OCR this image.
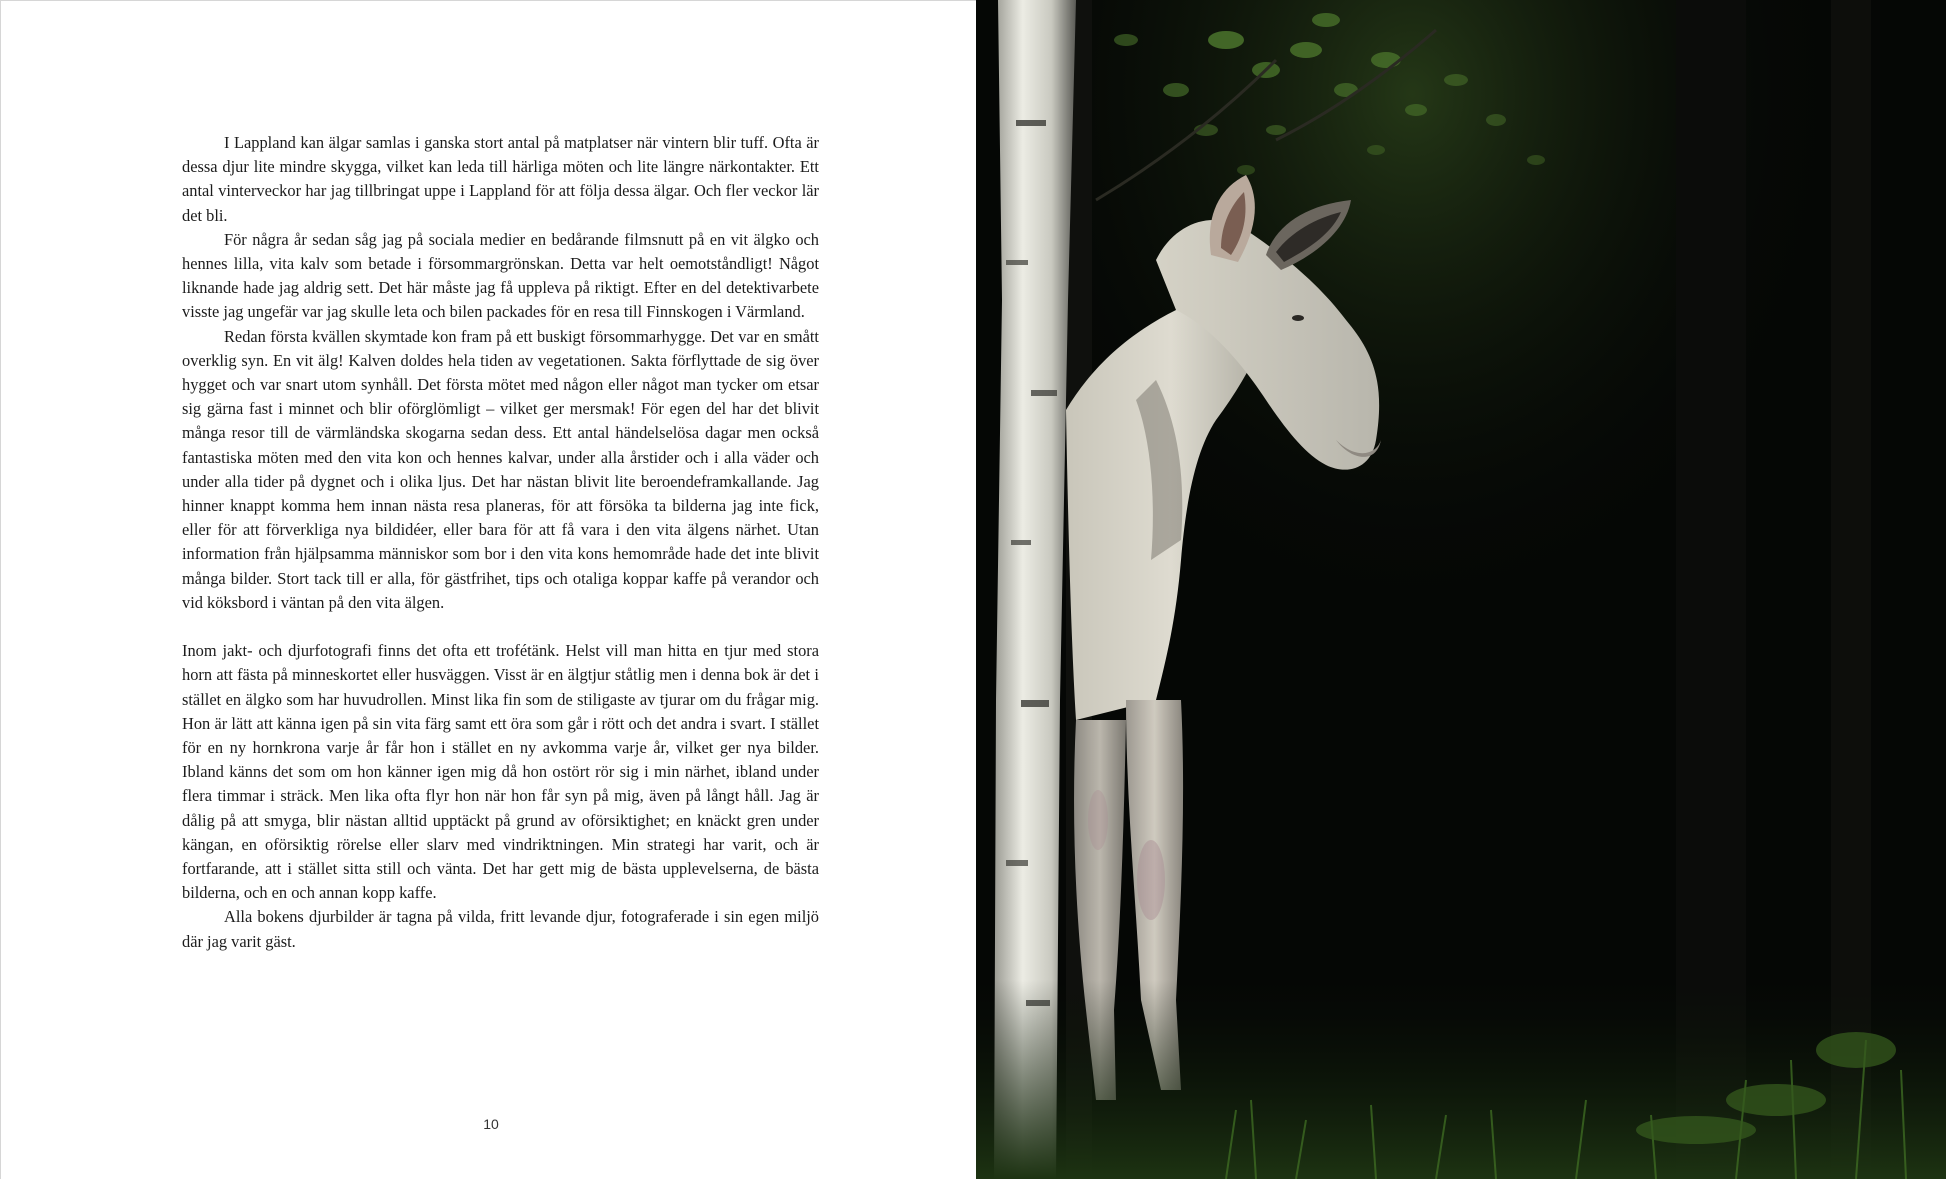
I Lappland kan älgar samlas i ganska stort antal på matplatser när vintern blir tuff. Ofta är dessa djur lite mindre skygga, vilket kan leda till härliga möten och lite längre närkontakter. Ett antal vinterveckor har jag tillbringat uppe i Lappland för att följa dessa älgar. Och fler veckor lär det bli.

För några år sedan såg jag på sociala medier en bedårande filmsnutt på en vit älgko och hennes lilla, vita kalv som betade i försommargrönskan. Detta var helt oemotståndligt! Något liknande hade jag aldrig sett. Det här måste jag få uppleva på riktigt. Efter en del detektivarbete visste jag ungefär var jag skulle leta och bilen packades för en resa till Finnskogen i Värmland.

Redan första kvällen skymtade kon fram på ett buskigt försommarhygge. Det var en smått overklig syn. En vit älg! Kalven doldes hela tiden av vegetationen. Sakta förflyttade de sig över hygget och var snart utom synhåll. Det första mötet med någon eller något man tycker om etsar sig gärna fast i minnet och blir oförglömligt – vilket ger mersmak! För egen del har det blivit många resor till de värmländska skogarna sedan dess. Ett antal händelselösa dagar men också fantastiska möten med den vita kon och hennes kalvar, under alla årstider och i alla väder och under alla tider på dygnet och i olika ljus. Det har nästan blivit lite beroendeframkallande. Jag hinner knappt komma hem innan nästa resa planeras, för att försöka ta bilderna jag inte fick, eller för att förverkliga nya bildidéer, eller bara för att få vara i den vita älgens närhet. Utan information från hjälpsamma människor som bor i den vita kons hemområde hade det inte blivit många bilder. Stort tack till er alla, för gästfrihet, tips och otaliga koppar kaffe på verandor och vid köksbord i väntan på den vita älgen.

Inom jakt- och djurfotografi finns det ofta ett trofétänk. Helst vill man hitta en tjur med stora horn att fästa på minneskortet eller husväggen. Visst är en älgtjur ståtlig men i denna bok är det i stället en älgko som har huvudrollen. Minst lika fin som de stiligaste av tjurar om du frågar mig. Hon är lätt att känna igen på sin vita färg samt ett öra som går i rött och det andra i svart. I stället för en ny hornkrona varje år får hon i stället en ny avkomma varje år, vilket ger nya bilder. Ibland känns det som om hon känner igen mig då hon ostört rör sig i min närhet, ibland under flera timmar i sträck. Men lika ofta flyr hon när hon får syn på mig, även på långt håll. Jag är dålig på att smyga, blir nästan alltid upptäckt på grund av oförsiktighet; en knäckt gren under kängan, en oförsiktig rörelse eller slarv med vindriktningen. Min strategi har varit, och är fortfarande, att i stället sitta still och vänta. Det har gett mig de bästa upplevelserna, de bästa bilderna, och en och annan kopp kaffe.

Alla bokens djurbilder är tagna på vilda, fritt levande djur, fotograferade i sin egen miljö där jag varit gäst.

10
